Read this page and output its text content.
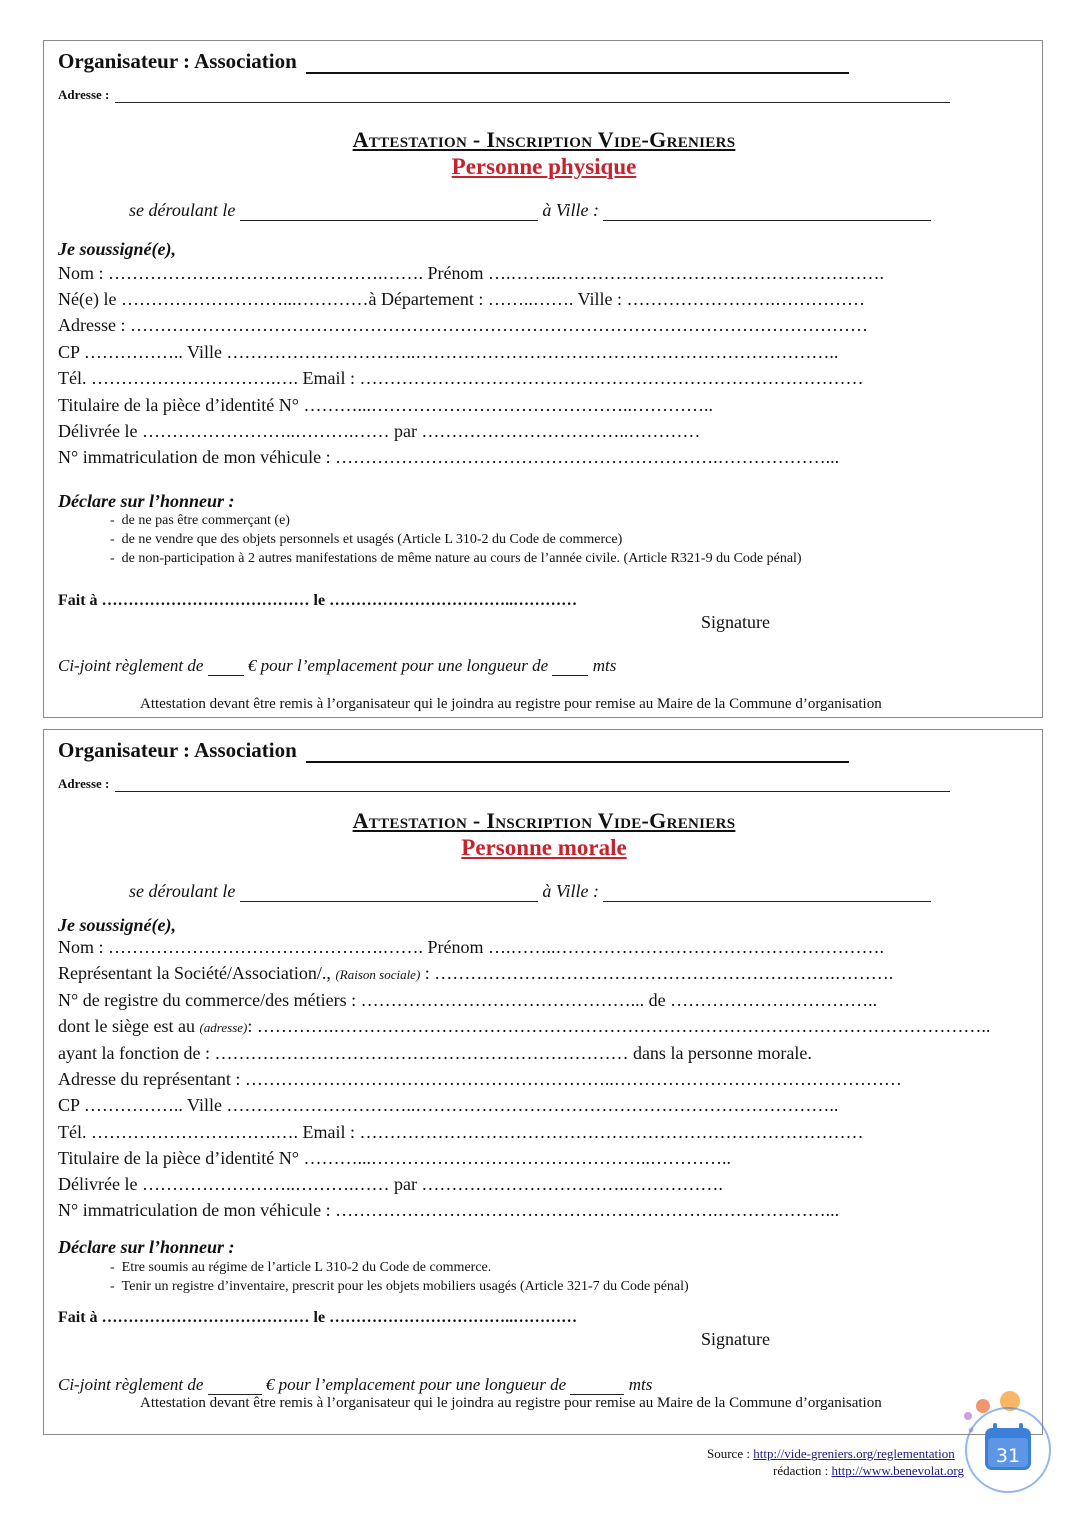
Organisateur : Association
Adresse :
Attestation - Inscription Vide-Greniers
Personne physique
se déroulant le	à Ville :
Je soussigné(e),
Nom : ……………………………………….……. Prénom ….……..……………………………………………….
Né(e) le ………………………...…………à Département : ……..……. Ville : …………………….……………
Adresse : ……………………………………………………………………………………………………………
CP …………….. Ville …………………………..……………………………………………………………..
Tél. ………………………….…. Email : …………………………………………………………………………
Titulaire de la pièce d’identité N° ………...……………………………………..…………..
Délivrée le ……………………..……….…… par ……………………………..…………
N° immatriculation de mon véhicule : ……………………………………………………….………………...
Déclare sur l’honneur :
-  de ne pas être commerçant (e)
-  de ne vendre que des objets personnels et usagés (Article L 310-2 du Code de commerce)
-  de non-participation à 2 autres manifestations de même nature au cours de l’année civile. (Article R321-9 du Code pénal)
Fait à ………………………………… le ……………………………..…………
Signature
Ci-joint règlement de	€ pour l’emplacement pour une longueur de	mts
Attestation devant être remis à l’organisateur qui le joindra au registre pour remise au Maire de la Commune d’organisation
Organisateur : Association
Adresse :
Attestation - Inscription Vide-Greniers
Personne morale
se déroulant le	à Ville :
Je soussigné(e),
Nom : ……………………………………….……. Prénom ….……..……………………………………………….
Représentant la Société/Association/., (Raison sociale) : ………………………………………………………….……….
N° de registre du commerce/des métiers : ………………………………………... de ……………………………..
dont le siège est au (adresse): ………….………………………………………………………………………………………………..
ayant la fonction de : …………………………………………………………… dans la personne morale.
Adresse du représentant : ……………………………………………………..…………………………………………
CP …………….. Ville …………………………..……………………………………………………………..
Tél. ………………………….…. Email : …………………………………………………………………………
Titulaire de la pièce d’identité N° ………...………………………………………..…………..
Délivrée le ……………………..……….…… par ……………………………..…………….
N° immatriculation de mon véhicule : ……………………………………………………….………………...
Déclare sur l’honneur :
-  Etre soumis au régime de l’article L 310-2 du Code de commerce.
-  Tenir un registre d’inventaire, prescrit pour les objets mobiliers usagés (Article 321-7 du Code pénal)
Fait à ………………………………… le ……………………………..…………
Signature
Ci-joint règlement de	€ pour l’emplacement pour une longueur de	mts
Attestation devant être remis à l’organisateur qui le joindra au registre pour remise au Maire de la Commune d’organisation
Source : http://vide-greniers.org/reglementation
rédaction : http://www.benevolat.org
31
